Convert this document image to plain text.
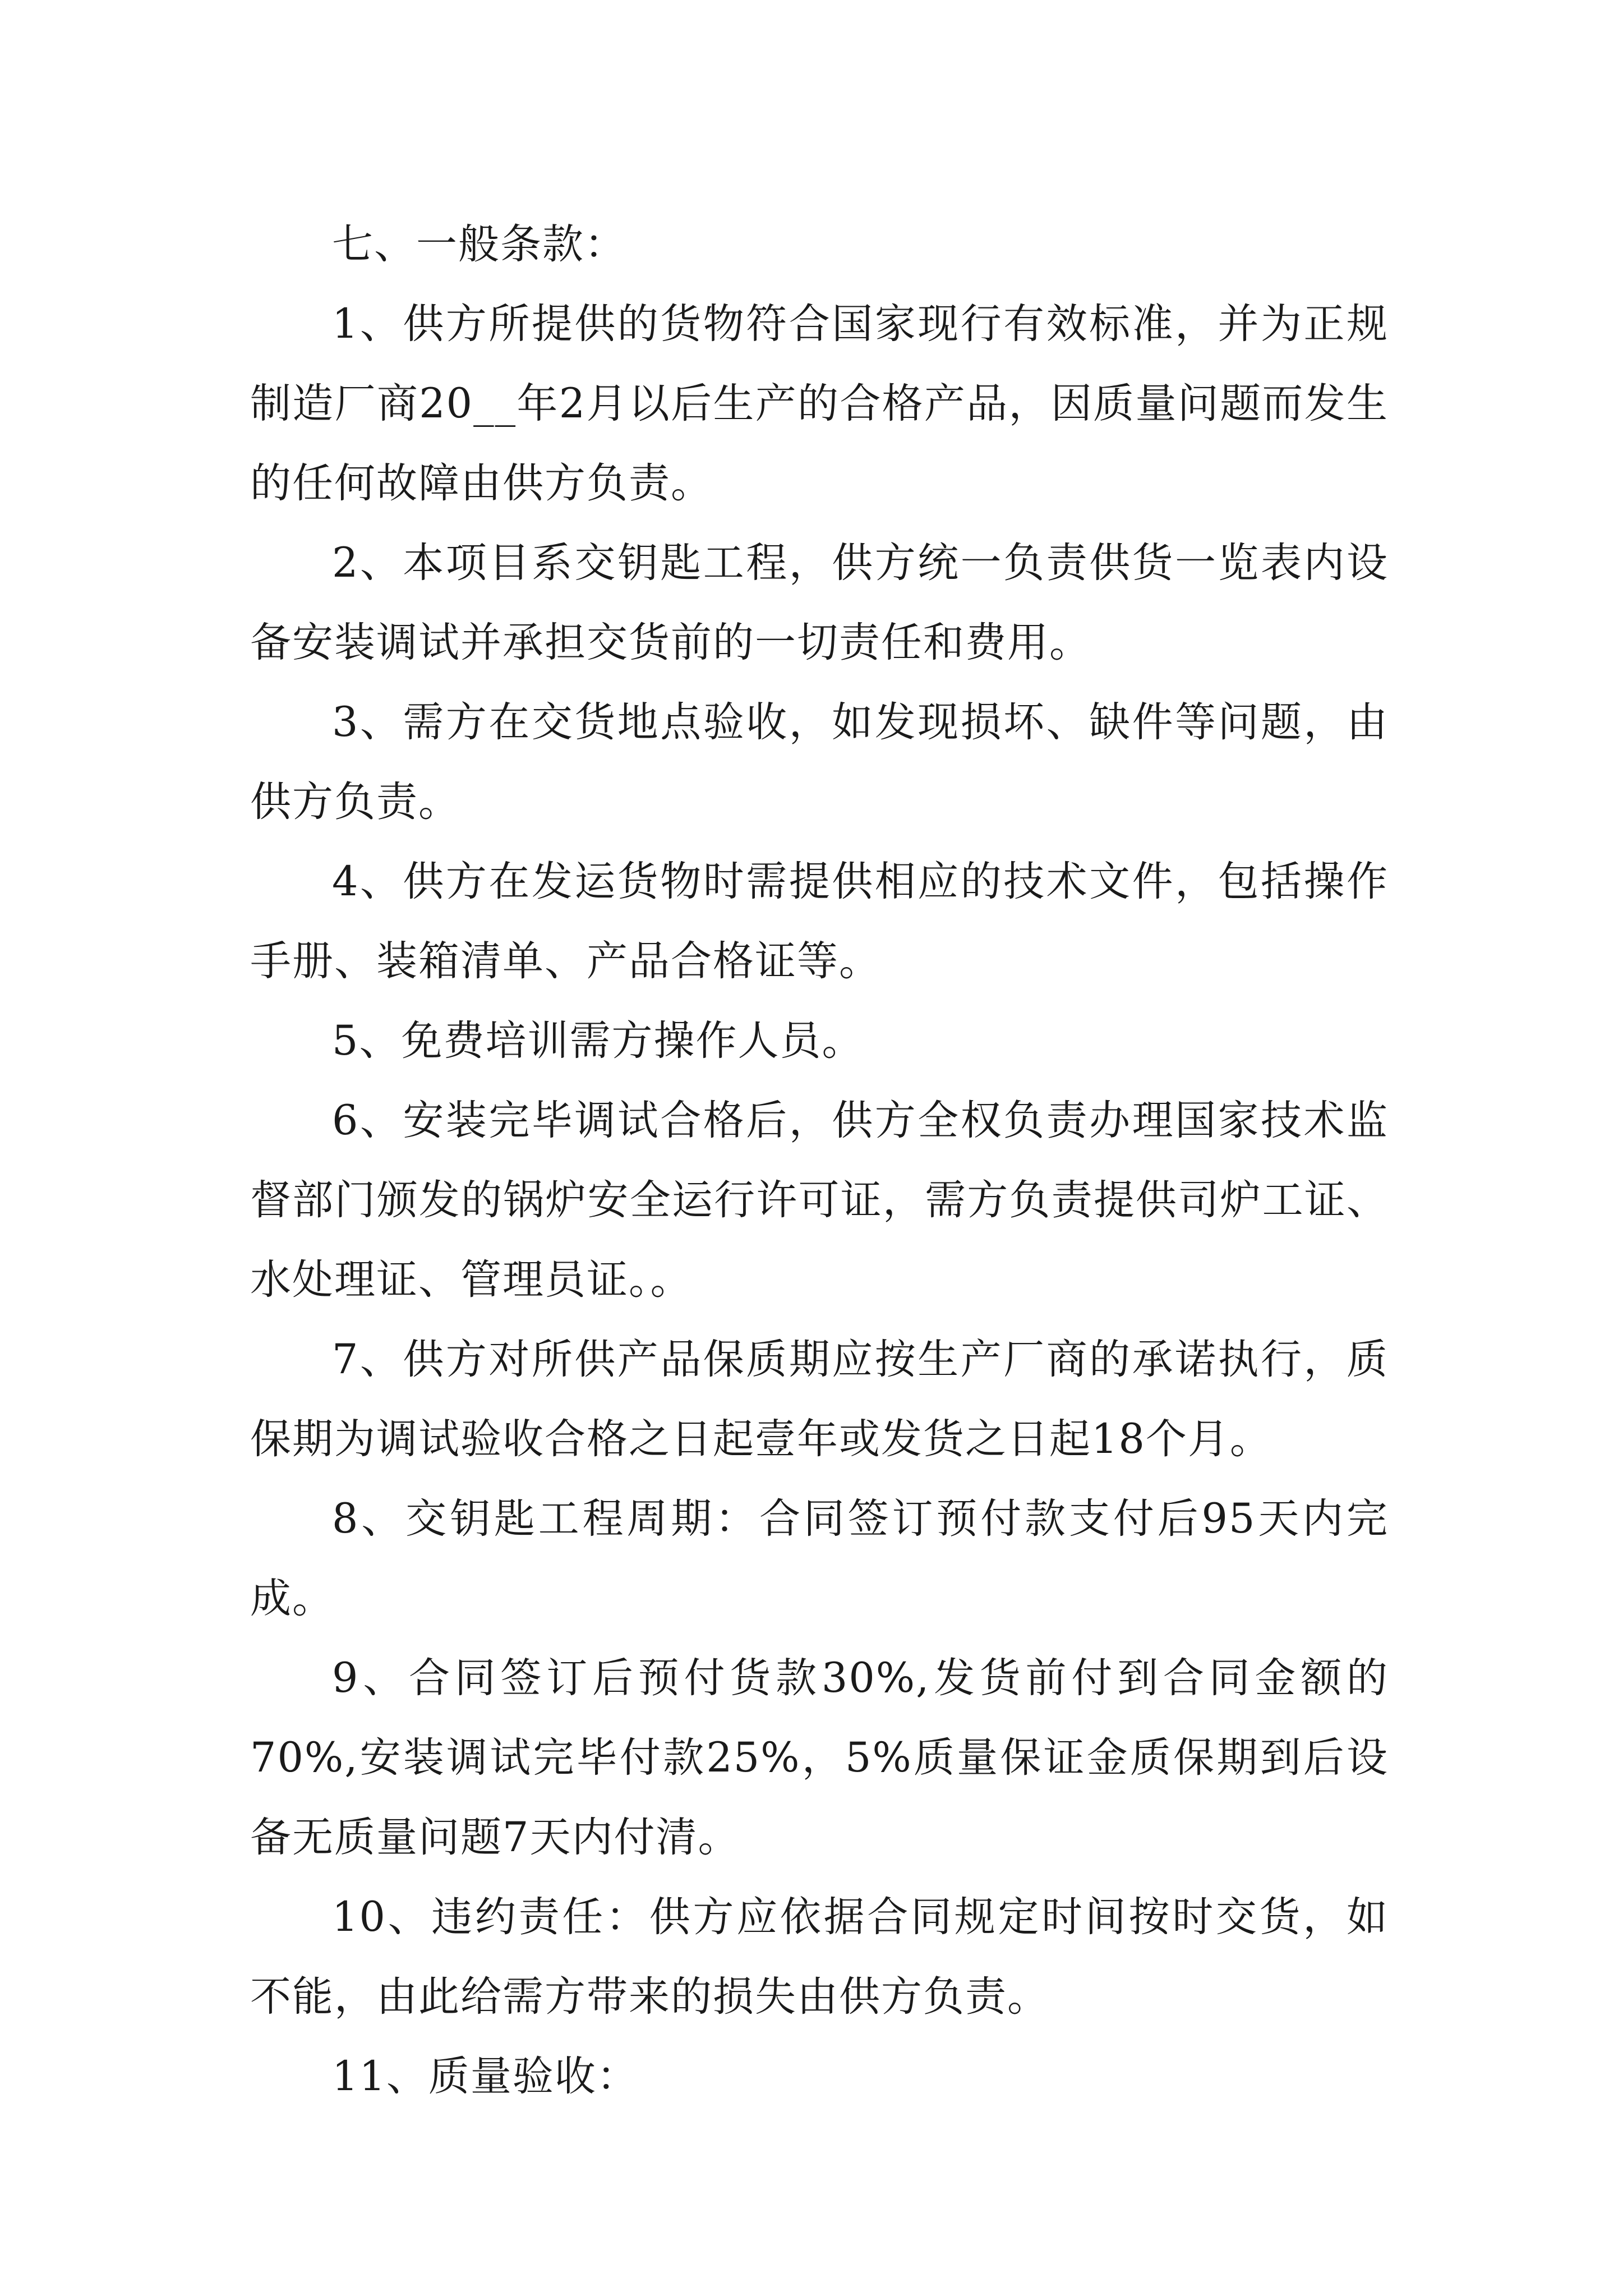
七、一般条款：

1、供方所提供的货物符合国家现行有效标准，并为正规制造厂商20__年2月以后生产的合格产品，因质量问题而发生的任何故障由供方负责。

2、本项目系交钥匙工程，供方统一负责供货一览表内设备安装调试并承担交货前的一切责任和费用。

3、需方在交货地点验收，如发现损坏、缺件等问题，由供方负责。

4、供方在发运货物时需提供相应的技术文件，包括操作手册、装箱清单、产品合格证等。

5、免费培训需方操作人员。

6、安装完毕调试合格后，供方全权负责办理国家技术监督部门颁发的锅炉安全运行许可证，需方负责提供司炉工证、水处理证、管理员证。。

7、供方对所供产品保质期应按生产厂商的承诺执行，质保期为调试验收合格之日起壹年或发货之日起18个月。

8、交钥匙工程周期：合同签订预付款支付后95天内完成。

9、合同签订后预付货款30%,发货前付到合同金额的70%,安装调试完毕付款25%，5%质量保证金质保期到后设备无质量问题7天内付清。

10、违约责任：供方应依据合同规定时间按时交货，如不能，由此给需方带来的损失由供方负责。

11、质量验收：
